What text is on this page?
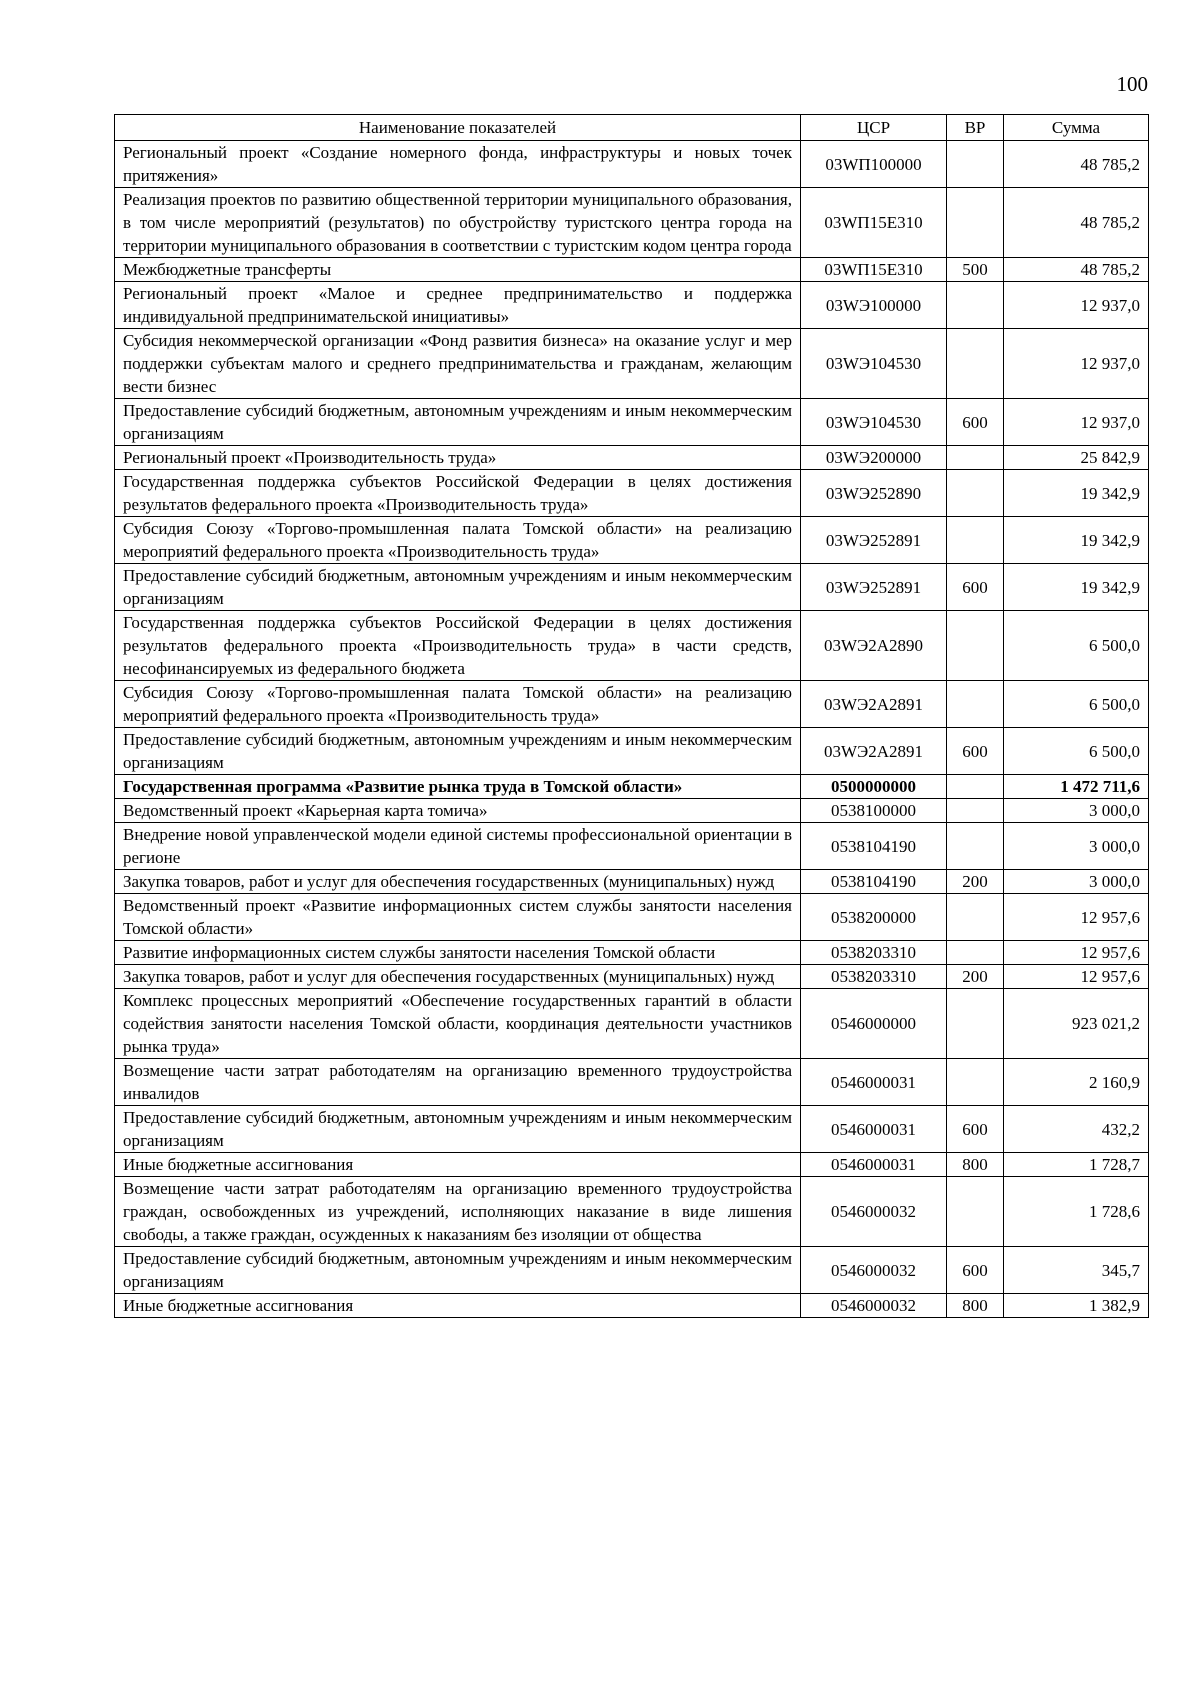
100
Наименование показателей	ЦСР	ВР	Сумма
Региональный проект «Создание номерного фонда, инфраструктуры и новых точек притяжения»	03WП100000		48 785,2
Реализация проектов по развитию общественной территории муниципального образования, в том числе мероприятий (результатов) по обустройству туристского центра города на территории муниципального образования в соответствии с туристским кодом центра города	03WП15Е310		48 785,2
Межбюджетные трансферты	03WП15Е310	500	48 785,2
Региональный проект «Малое и среднее предпринимательство и поддержка индивидуальной предпринимательской инициативы»	03WЭ100000		12 937,0
Субсидия некоммерческой организации «Фонд развития бизнеса» на оказание услуг и мер поддержки субъектам малого и среднего предпринимательства и гражданам, желающим вести бизнес	03WЭ104530		12 937,0
Предоставление субсидий бюджетным, автономным учреждениям и иным некоммерческим организациям	03WЭ104530	600	12 937,0
Региональный проект «Производительность труда»	03WЭ200000		25 842,9
Государственная поддержка субъектов Российской Федерации в целях достижения результатов федерального проекта «Производительность труда»	03WЭ252890		19 342,9
Субсидия Союзу «Торгово-промышленная палата Томской области» на реализацию мероприятий федерального проекта «Производительность труда»	03WЭ252891		19 342,9
Предоставление субсидий бюджетным, автономным учреждениям и иным некоммерческим организациям	03WЭ252891	600	19 342,9
Государственная поддержка субъектов Российской Федерации в целях достижения результатов федерального проекта «Производительность труда» в части средств, несофинансируемых из федерального бюджета	03WЭ2А2890		6 500,0
Субсидия Союзу «Торгово-промышленная палата Томской области» на реализацию мероприятий федерального проекта «Производительность труда»	03WЭ2А2891		6 500,0
Предоставление субсидий бюджетным, автономным учреждениям и иным некоммерческим организациям	03WЭ2А2891	600	6 500,0
Государственная программа «Развитие рынка труда в Томской области»	0500000000		1 472 711,6
Ведомственный проект «Карьерная карта томича»	0538100000		3 000,0
Внедрение новой управленческой модели единой системы профессиональной ориентации в регионе	0538104190		3 000,0
Закупка товаров, работ и услуг для обеспечения государственных (муниципальных) нужд	0538104190	200	3 000,0
Ведомственный проект «Развитие информационных систем службы занятости населения Томской области»	0538200000		12 957,6
Развитие информационных систем службы занятости населения Томской области	0538203310		12 957,6
Закупка товаров, работ и услуг для обеспечения государственных (муниципальных) нужд	0538203310	200	12 957,6
Комплекс процессных мероприятий «Обеспечение государственных гарантий в области содействия занятости населения Томской области, координация деятельности участников рынка труда»	0546000000		923 021,2
Возмещение части затрат работодателям на организацию временного трудоустройства инвалидов	0546000031		2 160,9
Предоставление субсидий бюджетным, автономным учреждениям и иным некоммерческим организациям	0546000031	600	432,2
Иные бюджетные ассигнования	0546000031	800	1 728,7
Возмещение части затрат работодателям на организацию временного трудоустройства граждан, освобожденных из учреждений, исполняющих наказание в виде лишения свободы, а также граждан, осужденных к наказаниям без изоляции от общества	0546000032		1 728,6
Предоставление субсидий бюджетным, автономным учреждениям и иным некоммерческим организациям	0546000032	600	345,7
Иные бюджетные ассигнования	0546000032	800	1 382,9
